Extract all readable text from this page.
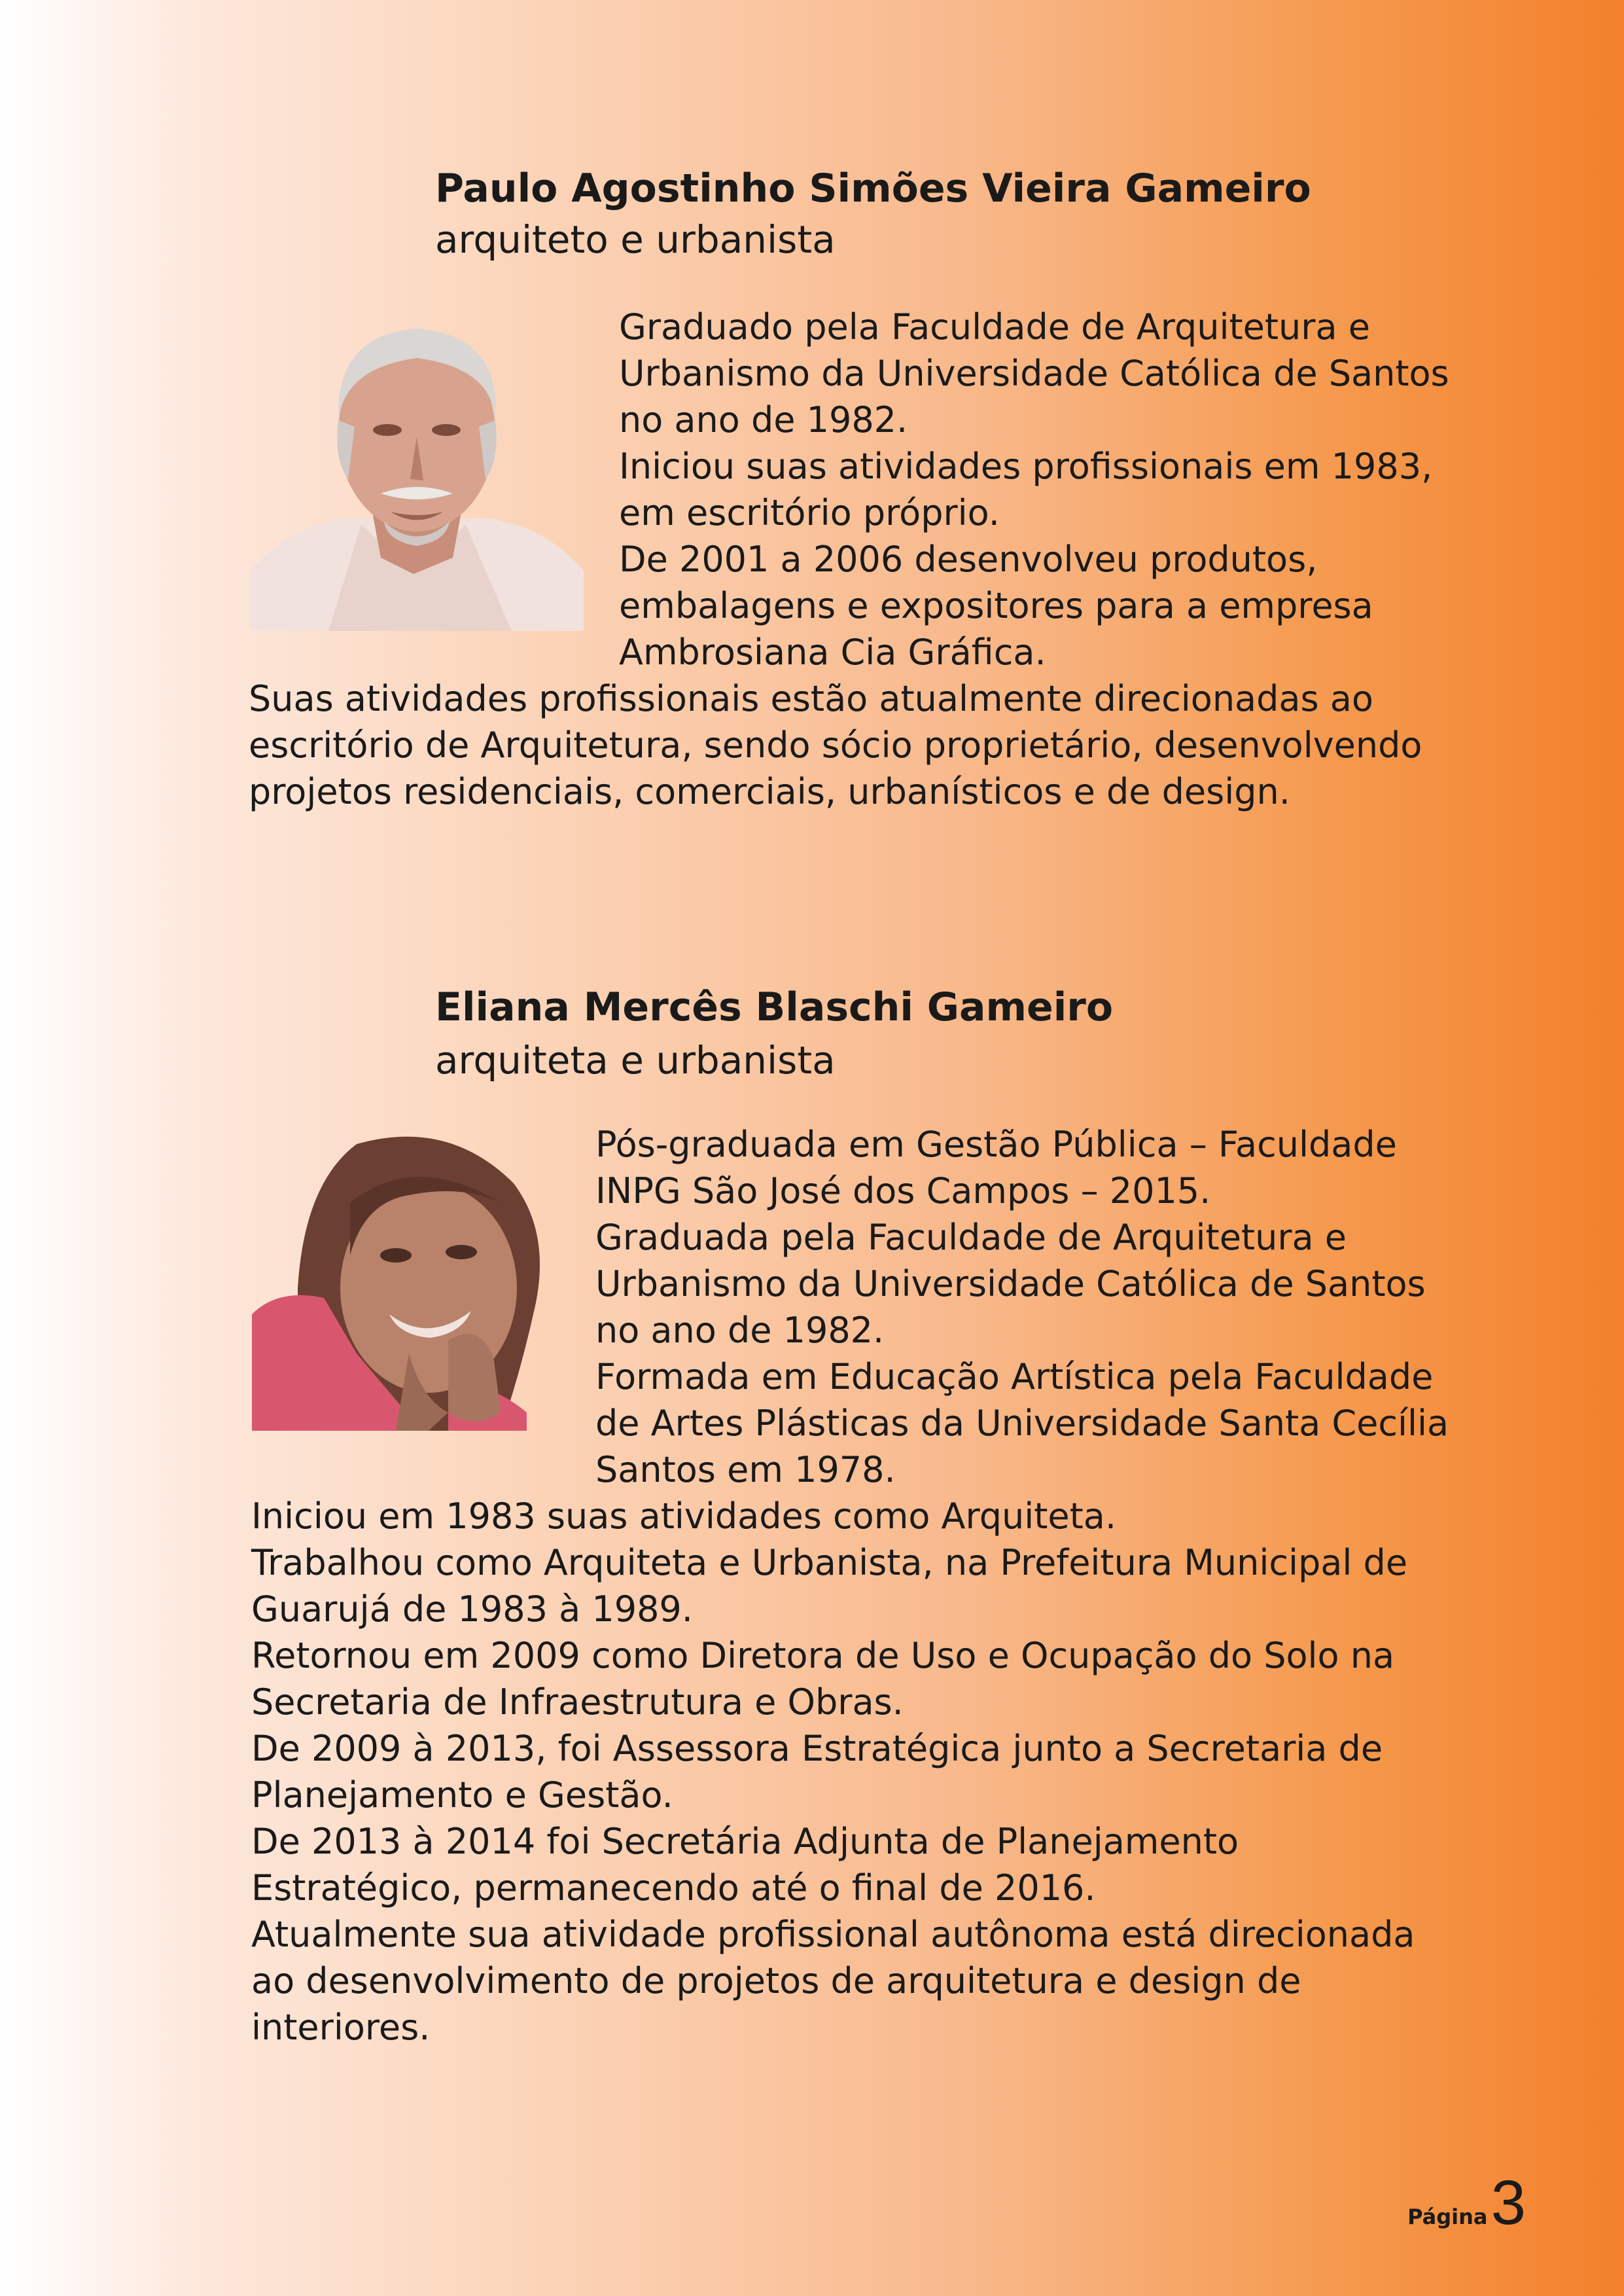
Paulo Agostinho Simões Vieira Gameiro

arquiteto e urbanista

Graduado pela Faculdade de Arquitetura e
Urbanismo da Universidade Católica de Santos
no ano de 1982.
Iniciou suas atividades profissionais em 1983,
em escritório próprio.
De 2001 a 2006 desenvolveu produtos,
embalagens e expositores para a empresa
Ambrosiana Cia Gráfica.
Suas atividades profissionais estão atualmente direcionadas ao
escritório de Arquitetura, sendo sócio proprietário, desenvolvendo
projetos residenciais, comerciais, urbanísticos e de design.
Eliana Mercês Blaschi Gameiro

arquiteta e urbanista

Pós-graduada em Gestão Pública – Faculdade
INPG São José dos Campos – 2015.
Graduada pela Faculdade de Arquitetura e
Urbanismo da Universidade Católica de Santos
no ano de 1982.
Formada em Educação Artística pela Faculdade
de Artes Plásticas da Universidade Santa Cecília
Santos em 1978.
Iniciou em 1983 suas atividades como Arquiteta.
Trabalhou como Arquiteta e Urbanista, na Prefeitura Municipal de
Guarujá de 1983 à 1989.
Retornou em 2009 como Diretora de Uso e Ocupação do Solo na
Secretaria de Infraestrutura e Obras.
De 2009 à 2013, foi Assessora Estratégica junto a Secretaria de
Planejamento e Gestão.
De 2013 à 2014 foi Secretária Adjunta de Planejamento
Estratégico, permanecendo até o final de 2016.
Atualmente sua atividade profissional autônoma está direcionada
ao desenvolvimento de projetos de arquitetura e design de
interiores.
Página 3
